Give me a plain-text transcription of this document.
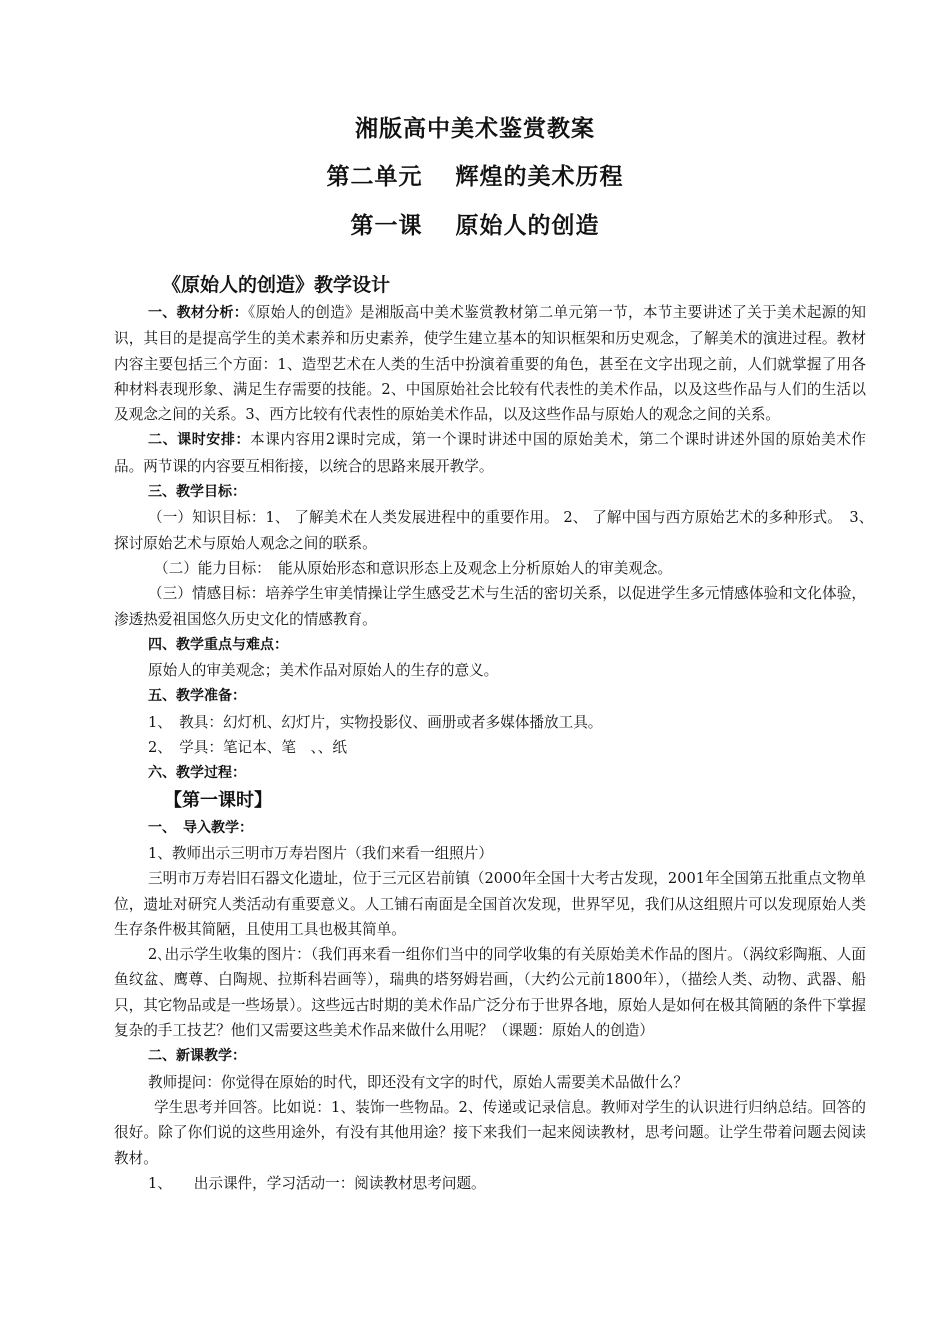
湘版高中美术鉴赏教案
第二单元　 辉煌的美术历程
第一课　 原始人的创造
《原始人的创造》教学设计

一、教材分析：《原始人的创造》是湘版高中美术鉴赏教材第二单元第一节，本节主要讲述了关于美术起源的知识，其目的是提高学生的美术素养和历史素养，使学生建立基本的知识框架和历史观念，了解美术的演进过程。教材内容主要包括三个方面：1、造型艺术在人类的生活中扮演着重要的角色，甚至在文字出现之前，人们就掌握了用各种材料表现形象、满足生存需要的技能。2、中国原始社会比较有代表性的美术作品，以及这些作品与人们的生活以及观念之间的关系。3、西方比较有代表性的原始美术作品，以及这些作品与原始人的观念之间的关系。

二、课时安排：本课内容用2课时完成，第一个课时讲述中国的原始美术，第二个课时讲述外国的原始美术作品。两节课的内容要互相衔接，以统合的思路来展开教学。

三、教学目标：

（一）知识目标：1、 了解美术在人类发展进程中的重要作用。 2、 了解中国与西方原始艺术的多种形式。　3、　探讨原始艺术与原始人观念之间的联系。

（二）能力目标：　能从原始形态和意识形态上及观念上分析原始人的审美观念。

（三）情感目标：培养学生审美情操让学生感受艺术与生活的密切关系，以促进学生多元情感体验和文化体验，渗透热爱祖国悠久历史文化的情感教育。

四、教学重点与难点：

原始人的审美观念；美术作品对原始人的生存的意义。

五、教学准备：

1、　教具：幻灯机、幻灯片，实物投影仪、画册或者多媒体播放工具。

2、　学具：笔记本、笔　、、纸

六、教学过程：

【第一课时】

一、　导入教学：

1、教师出示三明市万寿岩图片（我们来看一组照片）

三明市万寿岩旧石器文化遗址，位于三元区岩前镇（2000年全国十大考古发现，2001年全国第五批重点文物单位，遗址对研究人类活动有重要意义。人工铺石南面是全国首次发现，世界罕见，我们从这组照片可以发现原始人类生存条件极其简陋，且使用工具也极其简单。

2､出示学生收集的图片：（我们再来看一组你们当中的同学收集的有关原始美术作品的图片。（涡纹彩陶瓶、人面鱼纹盆、鹰尊、白陶规、拉斯科岩画等），瑞典的塔努姆岩画，（大约公元前1800年），（描绘人类、动物、武器、船只，其它物品或是一些场景）。这些远古时期的美术作品广泛分布于世界各地，原始人是如何在极其简陋的条件下掌握复杂的手工技艺？他们又需要这些美术作品来做什么用呢？（课题：原始人的创造）

二、新课教学：

教师提问：你觉得在原始的时代，即还没有文字的时代，原始人需要美术品做什么？

学生思考并回答。比如说：1、装饰一些物品。2、传递或记录信息。教师对学生的认识进行归纳总结。回答的很好。除了你们说的这些用途外，有没有其他用途？接下来我们一起来阅读教材，思考问题。让学生带着问题去阅读教材。

1、　　出示课件，学习活动一：阅读教材思考问题。
